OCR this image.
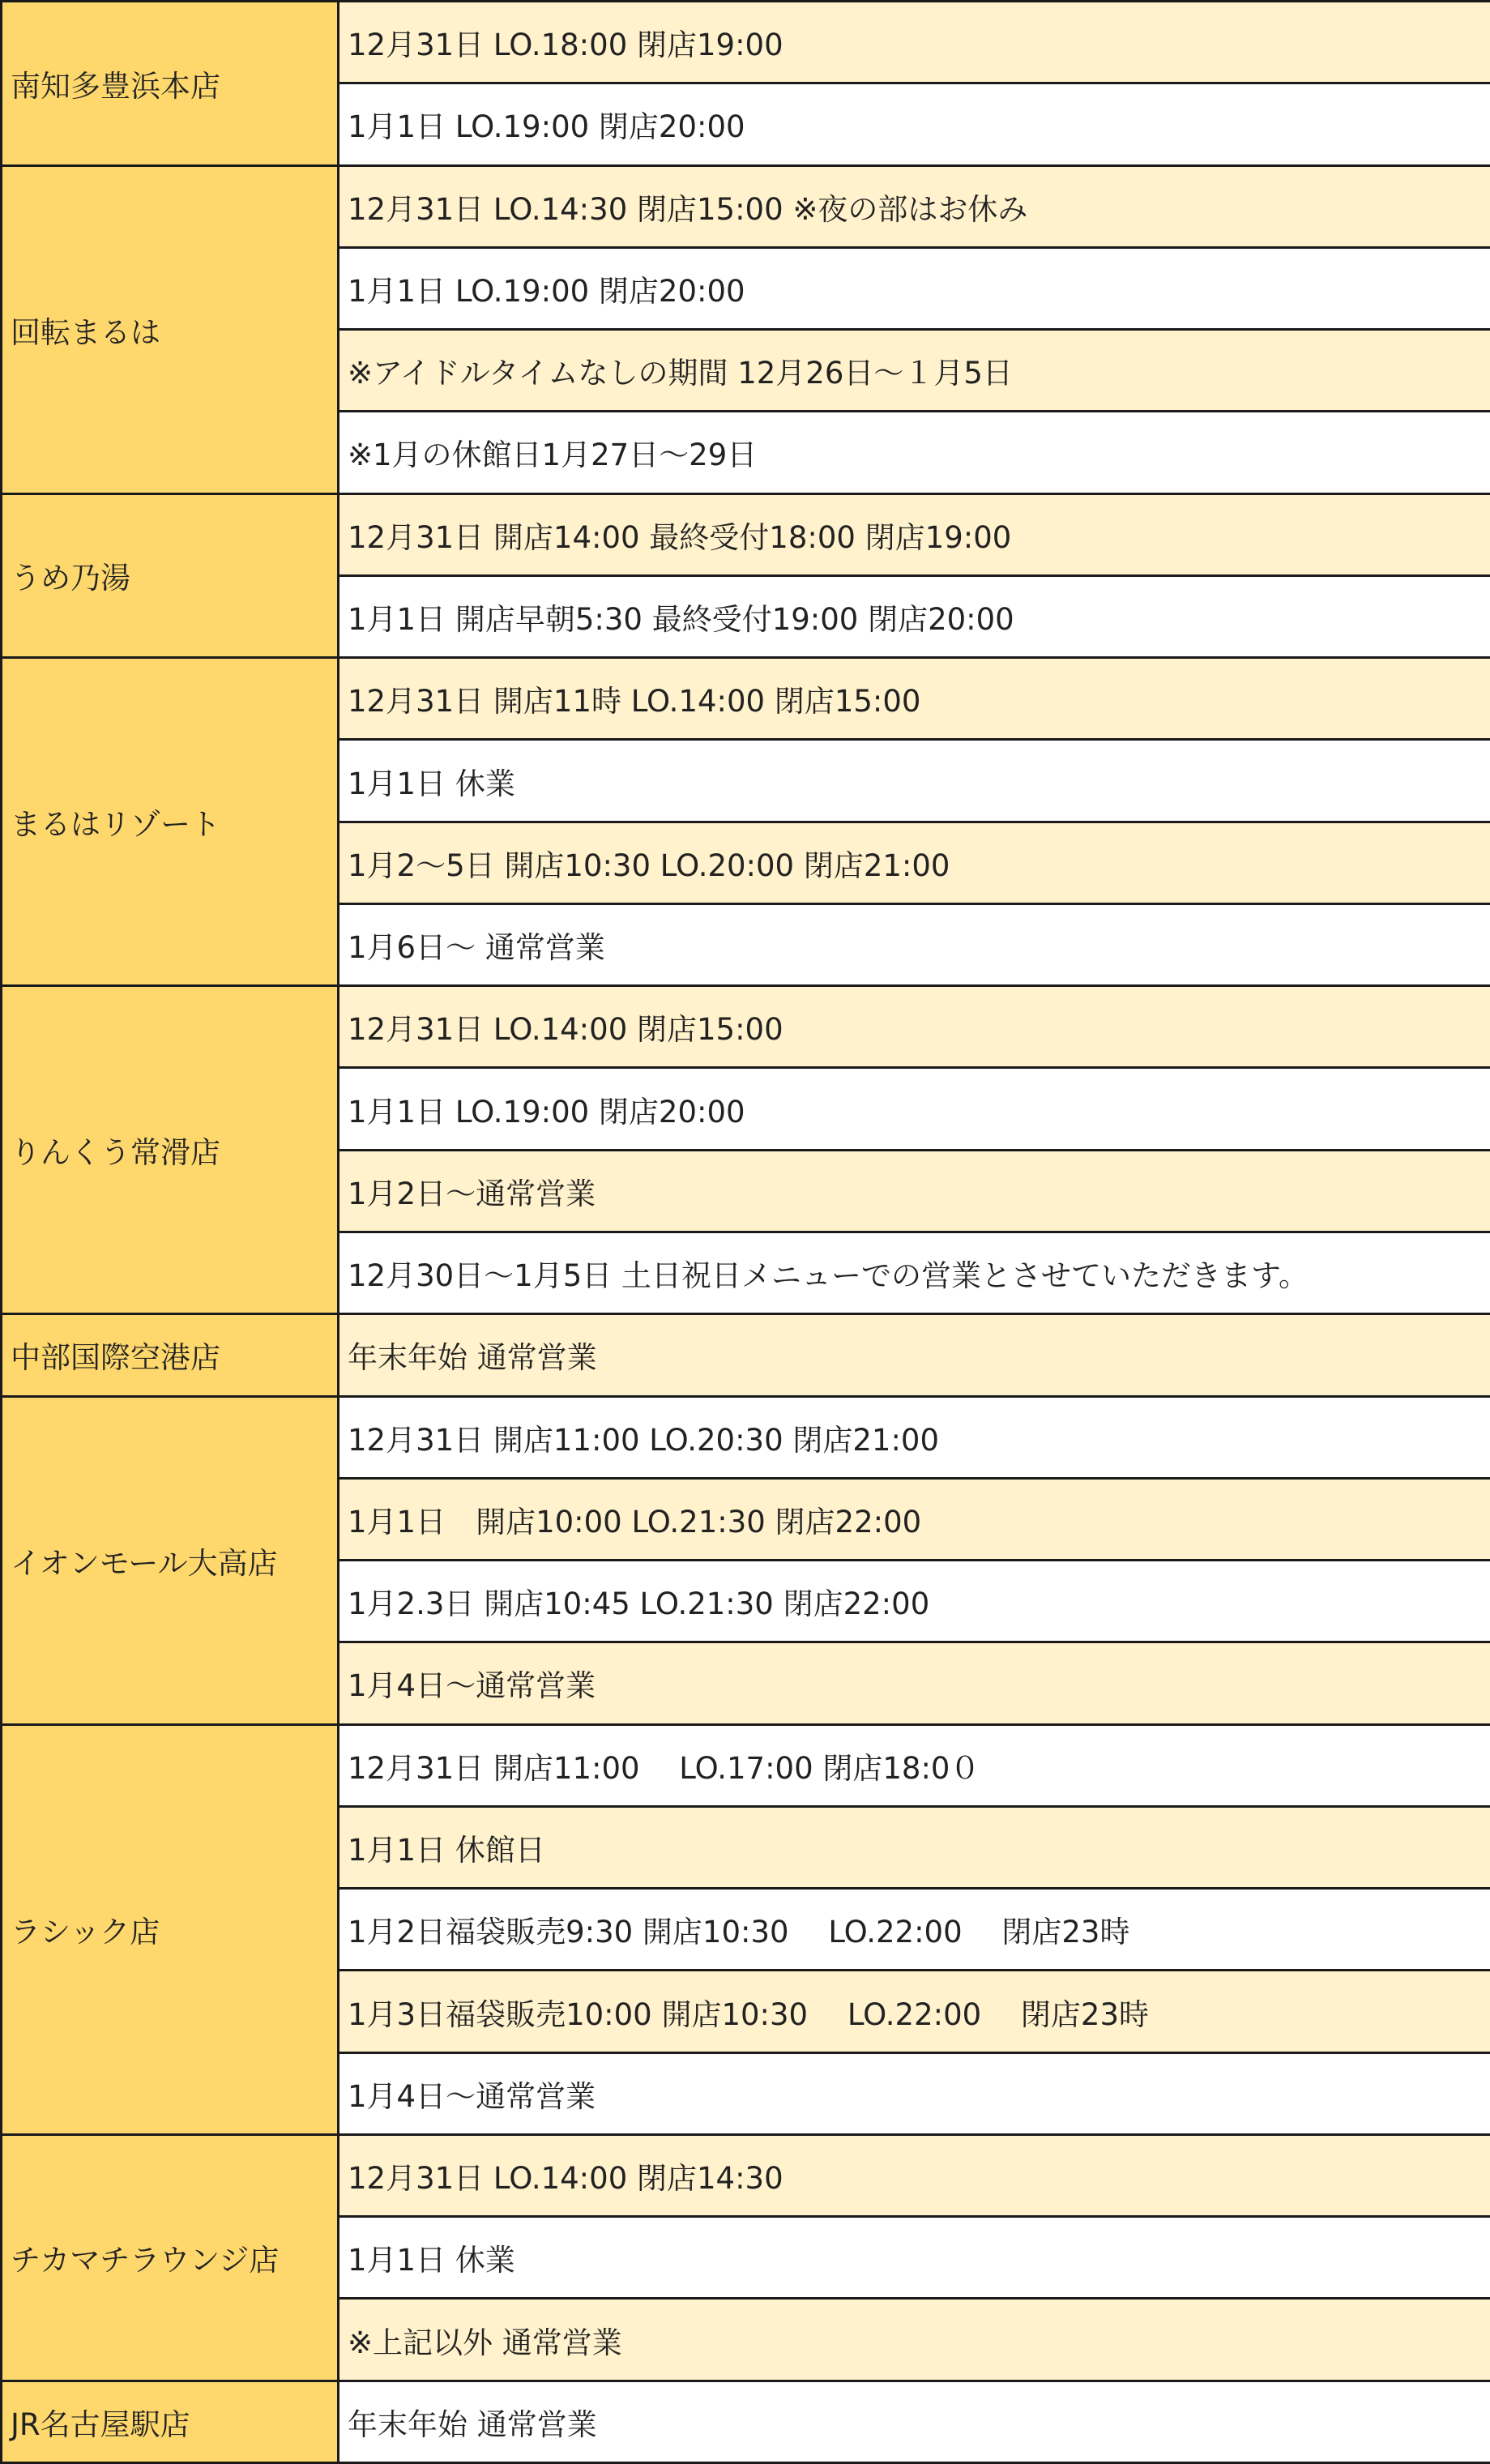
南知多豊浜本店	12月31日 LO.18:00 閉店19:00
	1月1日 LO.19:00 閉店20:00
回転まるは	12月31日 LO.14:30 閉店15:00 ※夜の部はお休み
	1月1日 LO.19:00 閉店20:00
	※アイドルタイムなしの期間 12月26日～１月5日
	※1月の休館日1月27日～29日
うめ乃湯	12月31日 開店14:00 最終受付18:00 閉店19:00
	1月1日 開店早朝5:30 最終受付19:00 閉店20:00
まるはリゾート	12月31日 開店11時 LO.14:00 閉店15:00
	1月1日 休業
	1月2～5日 開店10:30 LO.20:00 閉店21:00
	1月6日～ 通常営業
りんくう常滑店	12月31日 LO.14:00 閉店15:00
	1月1日 LO.19:00 閉店20:00
	1月2日～通常営業
	12月30日～1月5日 土日祝日メニューでの営業とさせていただきます。
中部国際空港店	年末年始 通常営業
イオンモール大高店	12月31日 開店11:00 LO.20:30 閉店21:00
	1月1日　開店10:00 LO.21:30 閉店22:00
	1月2.3日 開店10:45 LO.21:30 閉店22:00
	1月4日～通常営業
ラシック店	12月31日 開店11:00　 LO.17:00 閉店18:0０
	1月1日 休館日
	1月2日福袋販売9:30 開店10:30　 LO.22:00　 閉店23時
	1月3日福袋販売10:00 開店10:30　 LO.22:00　 閉店23時
	1月4日～通常営業
チカマチラウンジ店	12月31日 LO.14:00 閉店14:30
	1月1日 休業
	※上記以外 通常営業
JR名古屋駅店	年末年始 通常営業
